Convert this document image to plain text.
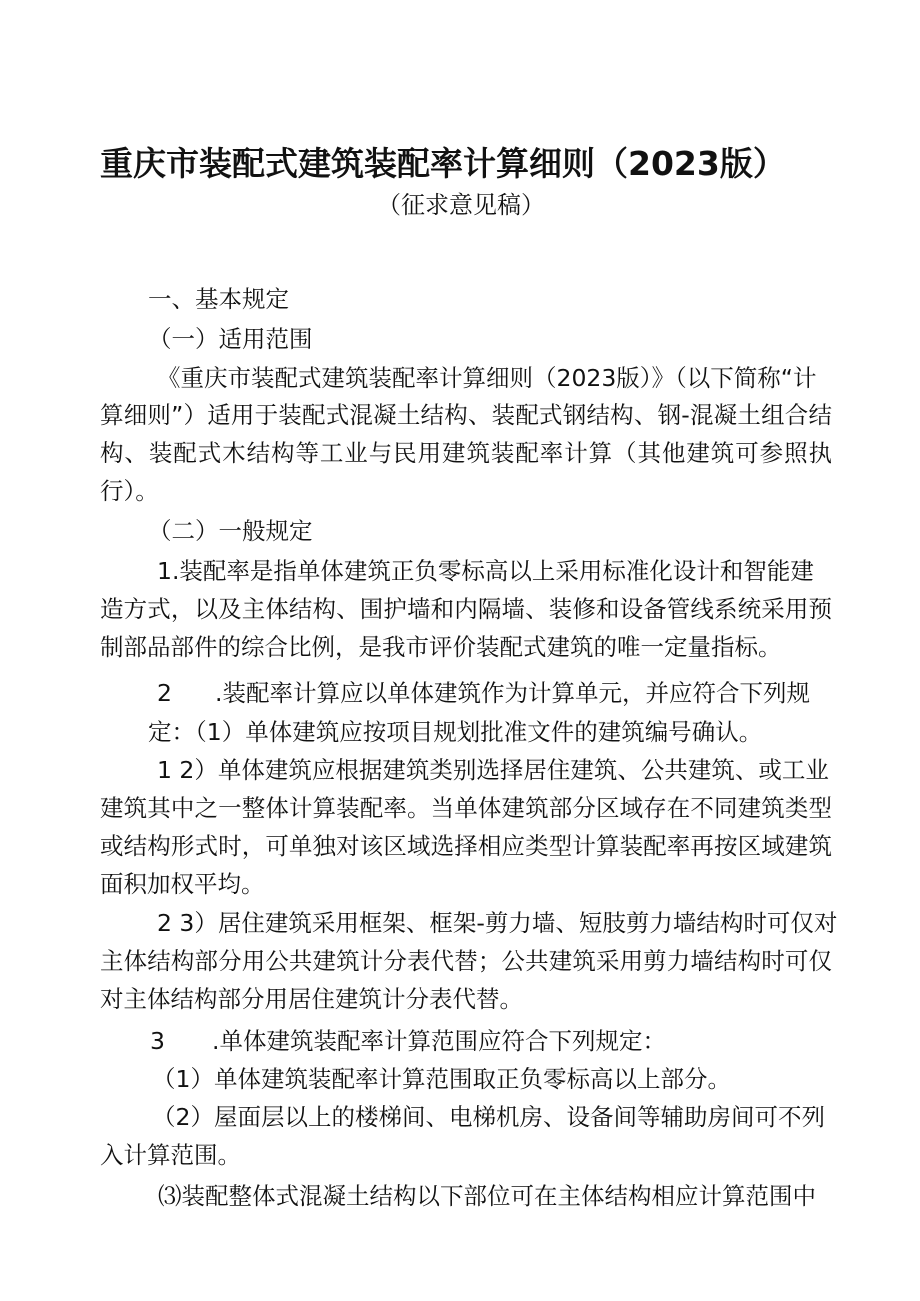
重庆市装配式建筑装配率计算细则（2023版）
（征求意见稿）
一、基本规定
（一）适用范围
《重庆市装配式建筑装配率计算细则（2023版）》（以下简称“计
算细则”）适用于装配式混凝土结构、装配式钢结构、钢-混凝土组合结
构、装配式木结构等工业与民用建筑装配率计算（其他建筑可参照执
行）。
（二）一般规定
1.装配率是指单体建筑正负零标高以上采用标准化设计和智能建
造方式，以及主体结构、围护墙和内隔墙、装修和设备管线系统采用预
制部品部件的综合比例，是我市评价装配式建筑的唯一定量指标。
2 .装配率计算应以单体建筑作为计算单元，并应符合下列规
定：（1）单体建筑应按项目规划批准文件的建筑编号确认。
1 2）单体建筑应根据建筑类别选择居住建筑、公共建筑、或工业
建筑其中之一整体计算装配率。当单体建筑部分区域存在不同建筑类型
或结构形式时，可单独对该区域选择相应类型计算装配率再按区域建筑
面积加权平均。
2 3）居住建筑采用框架、框架-剪力墙、短肢剪力墙结构时可仅对
主体结构部分用公共建筑计分表代替；公共建筑采用剪力墙结构时可仅
对主体结构部分用居住建筑计分表代替。
3 .单体建筑装配率计算范围应符合下列规定：
（1）单体建筑装配率计算范围取正负零标高以上部分。
（2）屋面层以上的楼梯间、电梯机房、设备间等辅助房间可不列
入计算范围。
⑶装配整体式混凝土结构以下部位可在主体结构相应计算范围中
